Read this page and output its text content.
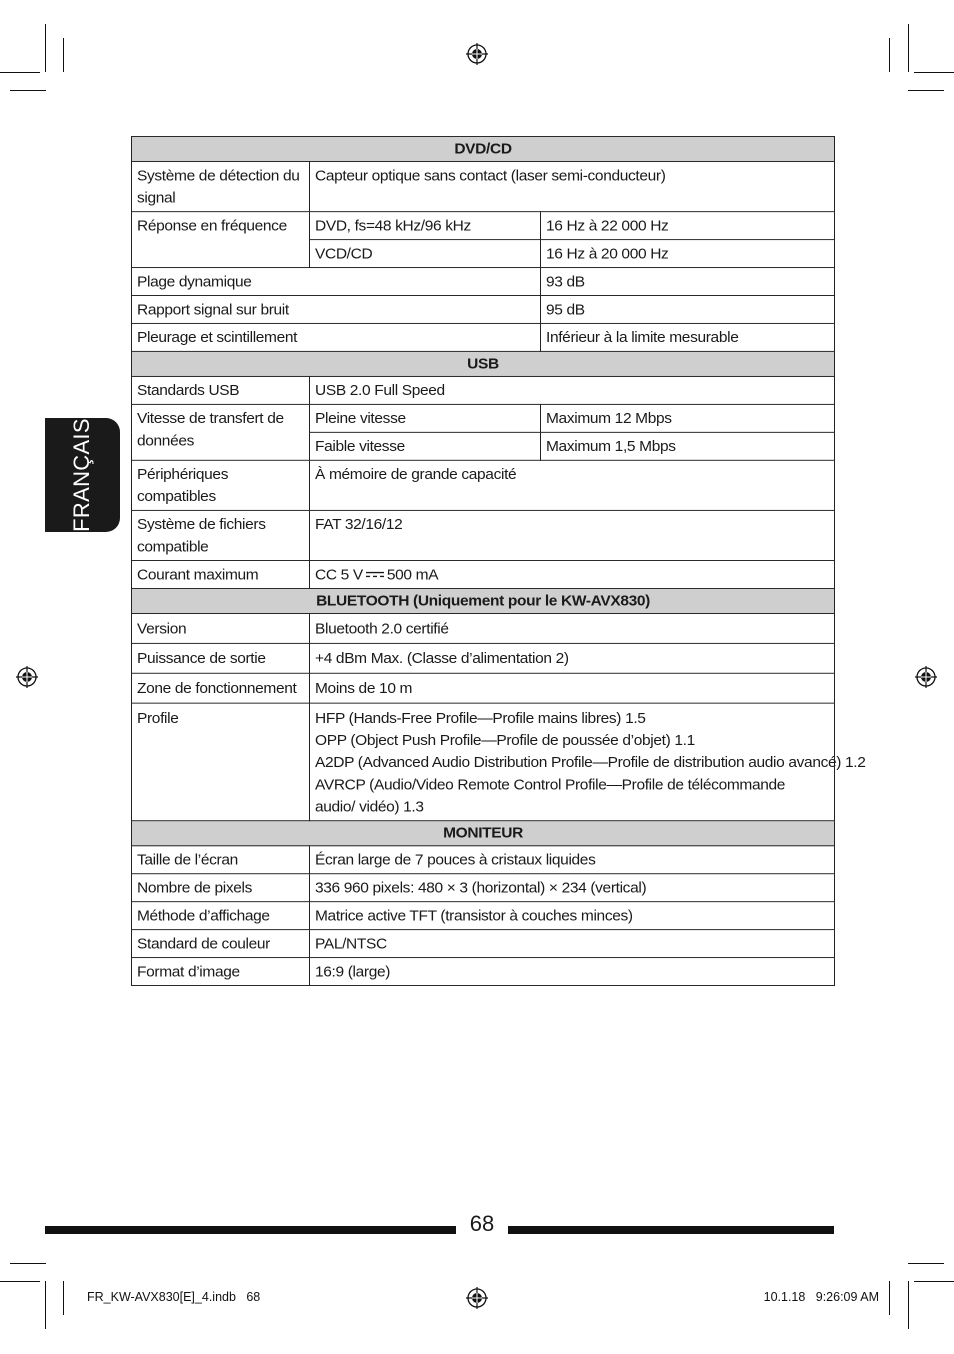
FRANÇAIS
DVD/CD		
Système de détection du signal	Capteur optique sans contact (laser semi-conducteur)	
Réponse en fréquence	DVD, fs=48 kHz/96 kHz	16 Hz à 22 000 Hz
	VCD/CD	16 Hz à 20 000 Hz
Plage dynamique		93 dB
Rapport signal sur bruit		95 dB
Pleurage et scintillement		Inférieur à la limite mesurable
USB		
Standards USB	USB 2.0 Full Speed	
Vitesse de transfert de données	Pleine vitesse	Maximum 12 Mbps
	Faible vitesse	Maximum 1,5 Mbps
Périphériques compatibles	À mémoire de grande capacité	
Système de fichiers compatible	FAT 32/16/12	
Courant maximum	CC 5 V 500 mA	
BLUETOOTH (Uniquement pour le KW-AVX830)		
Version	Bluetooth 2.0 certifié	
Puissance de sortie	+4 dBm Max. (Classe d’alimentation 2)	
Zone de fonctionnement	Moins de 10 m	
Profile	HFP (Hands-Free Profile—Profile mains libres) 1.5
OPP (Object Push Profile—Profile de poussée d’objet) 1.1
A2DP (Advanced Audio Distribution Profile—Profile de distribution audio avancé) 1.2
AVRCP (Audio/Video Remote Control Profile—Profile de télécommande audio/ vidéo) 1.3	

MONITEUR		
Taille de l’écran	Écran large de 7 pouces à cristaux liquides	
Nombre de pixels	336 960 pixels: 480 × 3 (horizontal) × 234 (vertical)	
Méthode d’affichage	Matrice active TFT (transistor à couches minces)	
Standard de couleur	PAL/NTSC	
Format d’image	16:9 (large)	
68
FR_KW-AVX830[E]_4.indb   68	10.1.18   9:26:09 AM
